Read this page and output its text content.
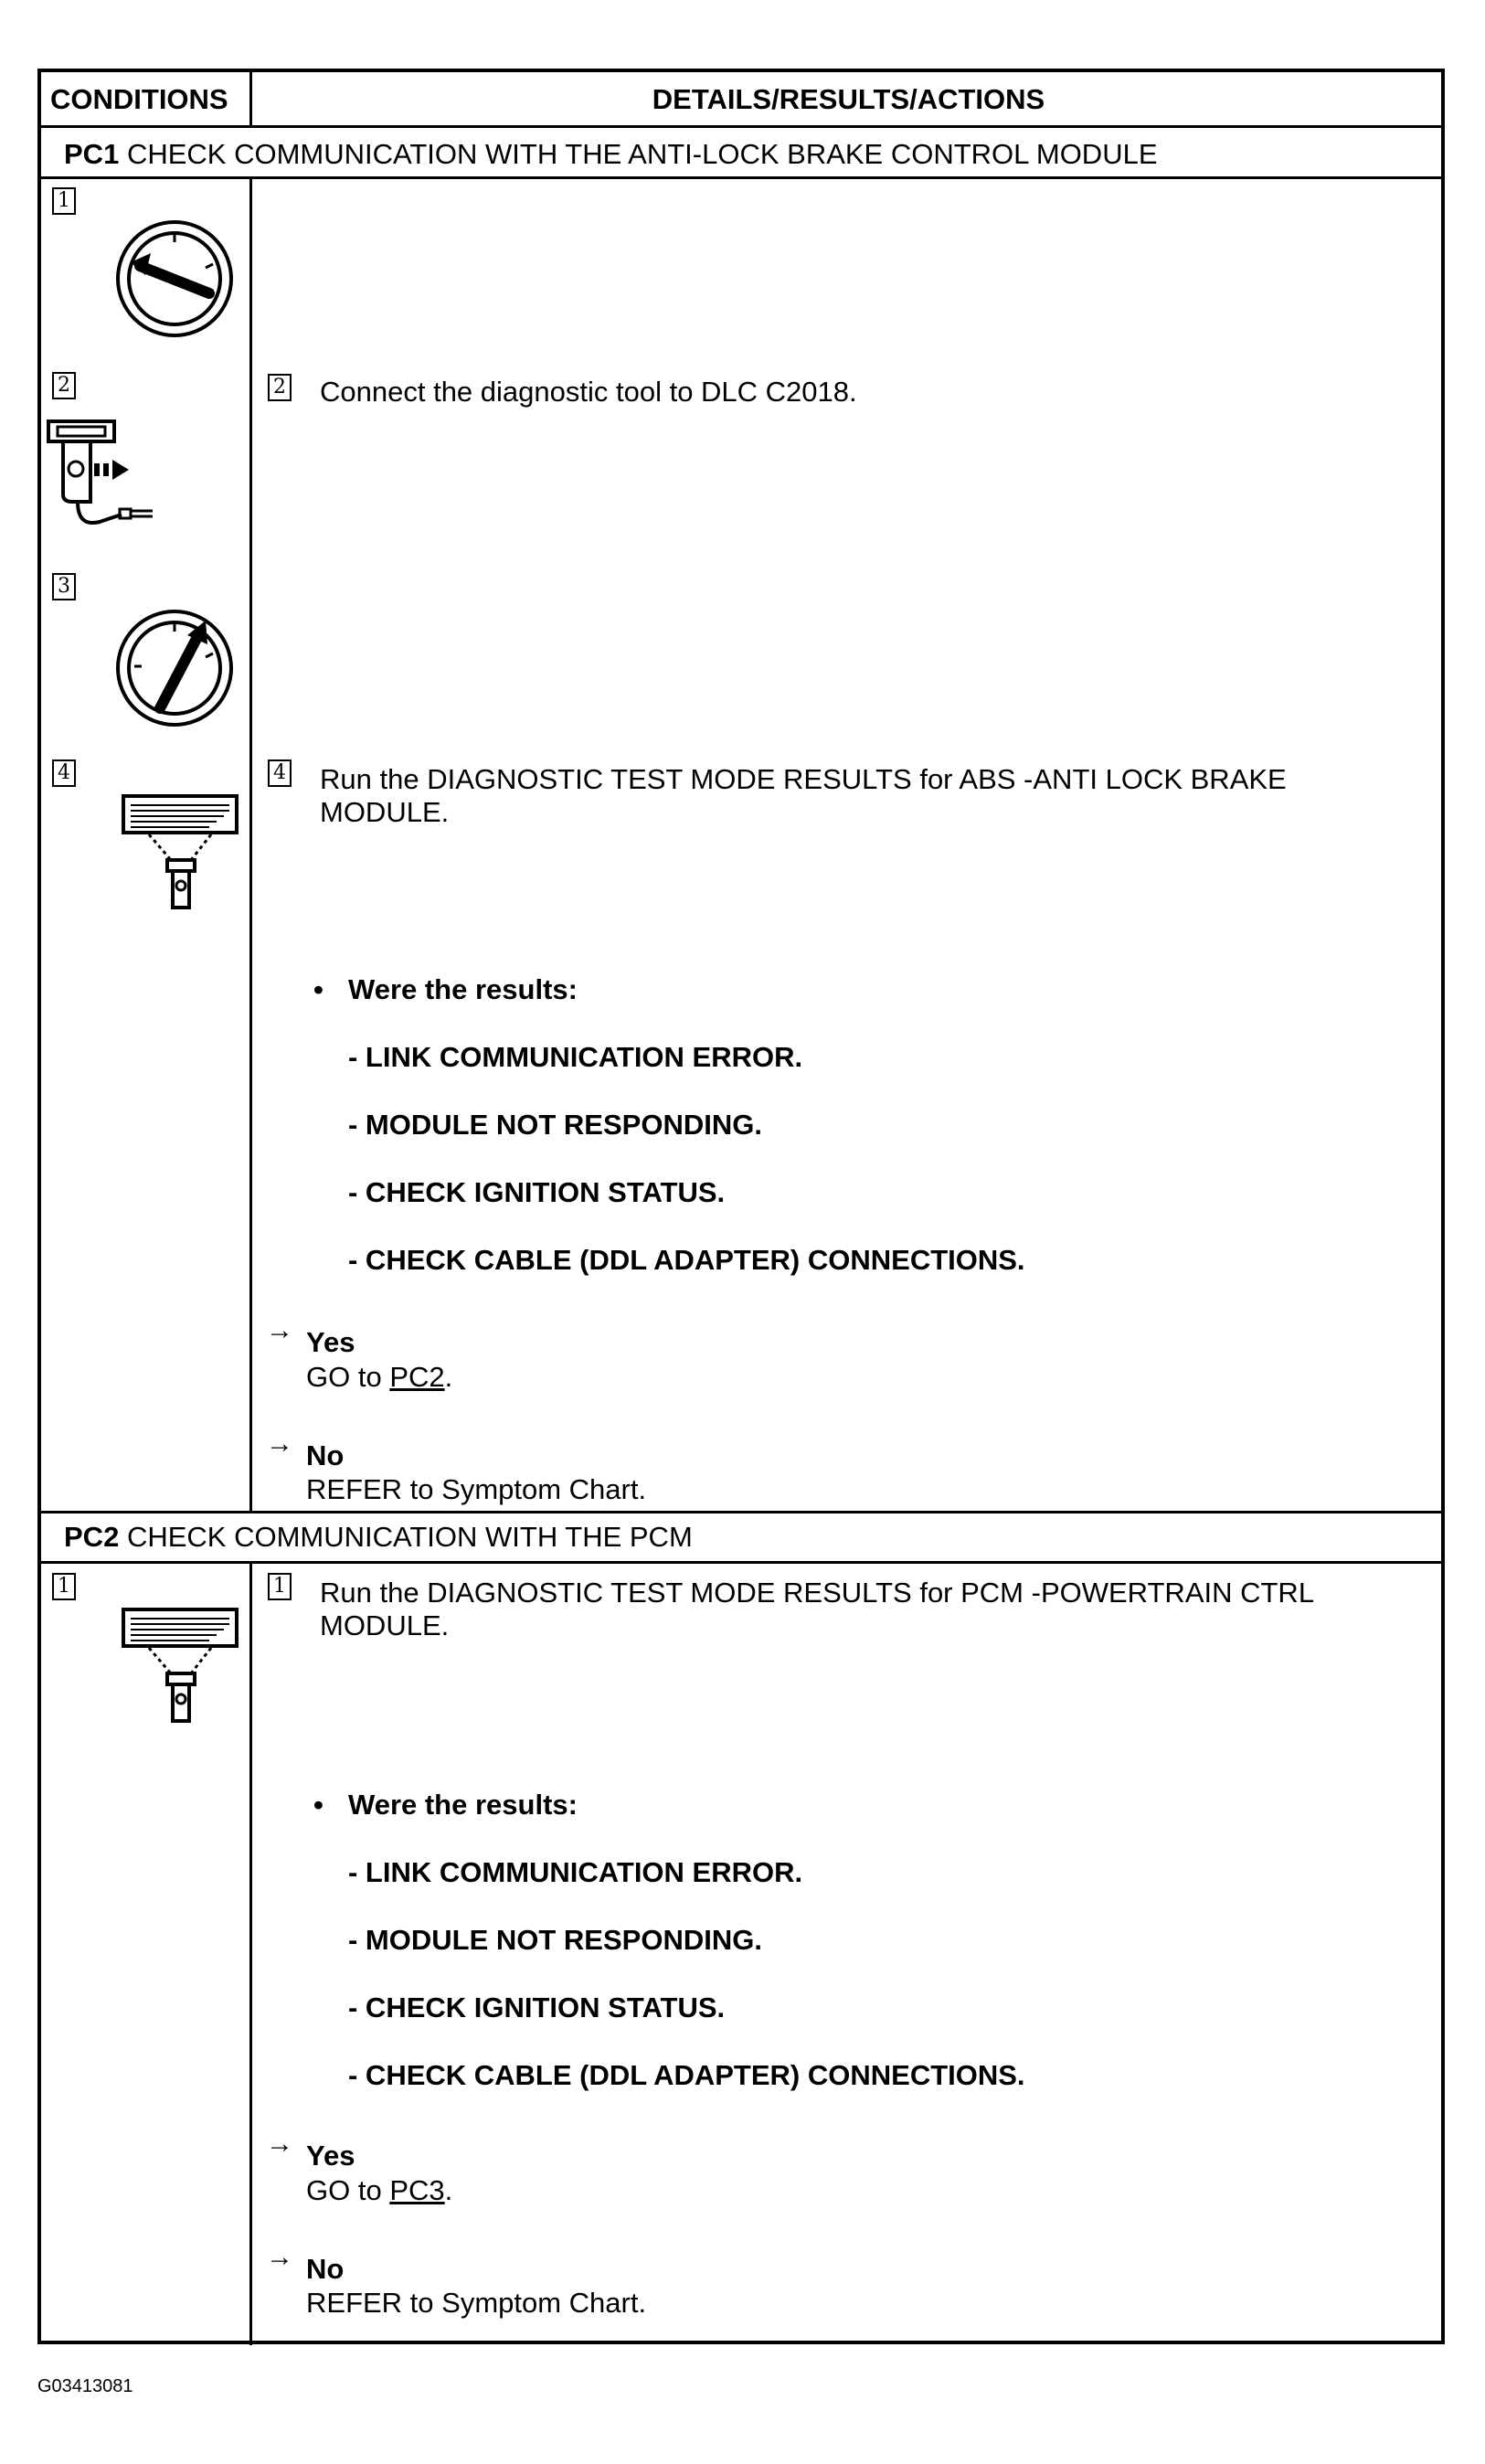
CONDITIONS	DETAILS/RESULTS/ACTIONS
PC1 CHECK COMMUNICATION WITH THE ANTI-LOCK BRAKE CONTROL MODULE
1
2
3
4
2 Connect the diagnostic tool to DLC C2018.
4 Run the DIAGNOSTIC TEST MODE RESULTS for ABS -ANTI LOCK BRAKE
MODULE.
• Were the results:
- LINK COMMUNICATION ERROR.
- MODULE NOT RESPONDING.
- CHECK IGNITION STATUS.
- CHECK CABLE (DDL ADAPTER) CONNECTIONS.
→ Yes
GO to PC2.
→ No
REFER to Symptom Chart.
PC2 CHECK COMMUNICATION WITH THE PCM
1	1 Run the DIAGNOSTIC TEST MODE RESULTS for PCM -POWERTRAIN CTRL
MODULE.
• Were the results:
- LINK COMMUNICATION ERROR.
- MODULE NOT RESPONDING.
- CHECK IGNITION STATUS.
- CHECK CABLE (DDL ADAPTER) CONNECTIONS.
→ Yes
GO to PC3.
→ No
REFER to Symptom Chart.
G03413081
